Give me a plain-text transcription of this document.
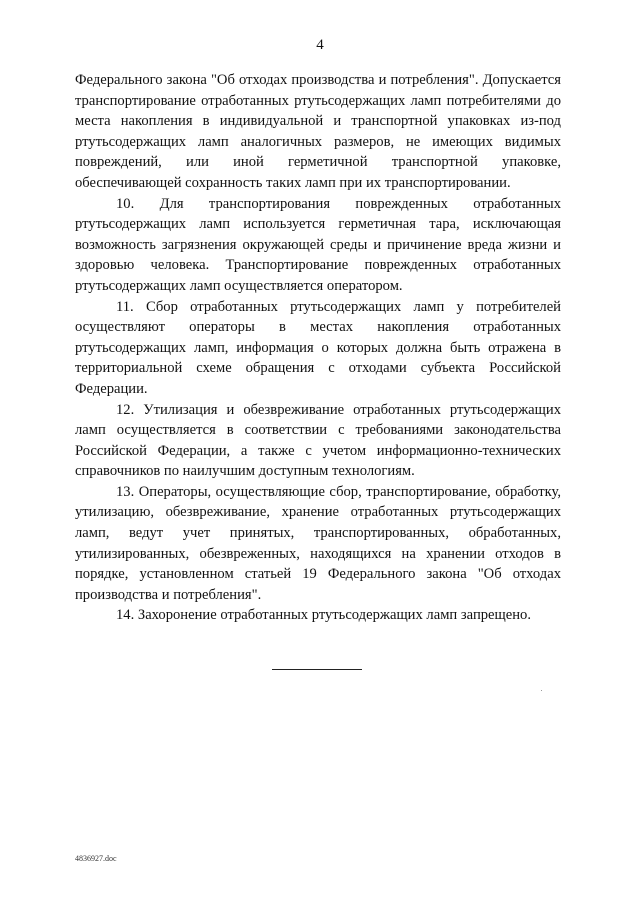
4

Федерального закона "Об отходах производства и потребления". Допускается транспортирование отработанных ртутьсодержащих ламп потребителями до места накопления в индивидуальной и транспортной упаковках из-под ртутьсодержащих ламп аналогичных размеров, не имеющих видимых повреждений, или иной герметичной транспортной упаковке, обеспечивающей сохранность таких ламп при их транспортировании.

10. Для транспортирования поврежденных отработанных ртутьсодержащих ламп используется герметичная тара, исключающая возможность загрязнения окружающей среды и причинение вреда жизни и здоровью человека. Транспортирование поврежденных отработанных ртутьсодержащих ламп осуществляется оператором.

11. Сбор отработанных ртутьсодержащих ламп у потребителей осуществляют операторы в местах накопления отработанных ртутьсодержащих ламп, информация о которых должна быть отражена в территориальной схеме обращения с отходами субъекта Российской Федерации.

12. Утилизация и обезвреживание отработанных ртутьсодержащих ламп осуществляется в соответствии с требованиями законодательства Российской Федерации, а также с учетом информационно-технических справочников по наилучшим доступным технологиям.

13. Операторы, осуществляющие сбор, транспортирование, обработку, утилизацию, обезвреживание, хранение отработанных ртутьсодержащих ламп, ведут учет принятых, транспортированных, обработанных, утилизированных, обезвреженных, находящихся на хранении отходов в порядке, установленном статьей 19 Федерального закона "Об отходах производства и потребления".

14. Захоронение отработанных ртутьсодержащих ламп запрещено.

4836927.doc
